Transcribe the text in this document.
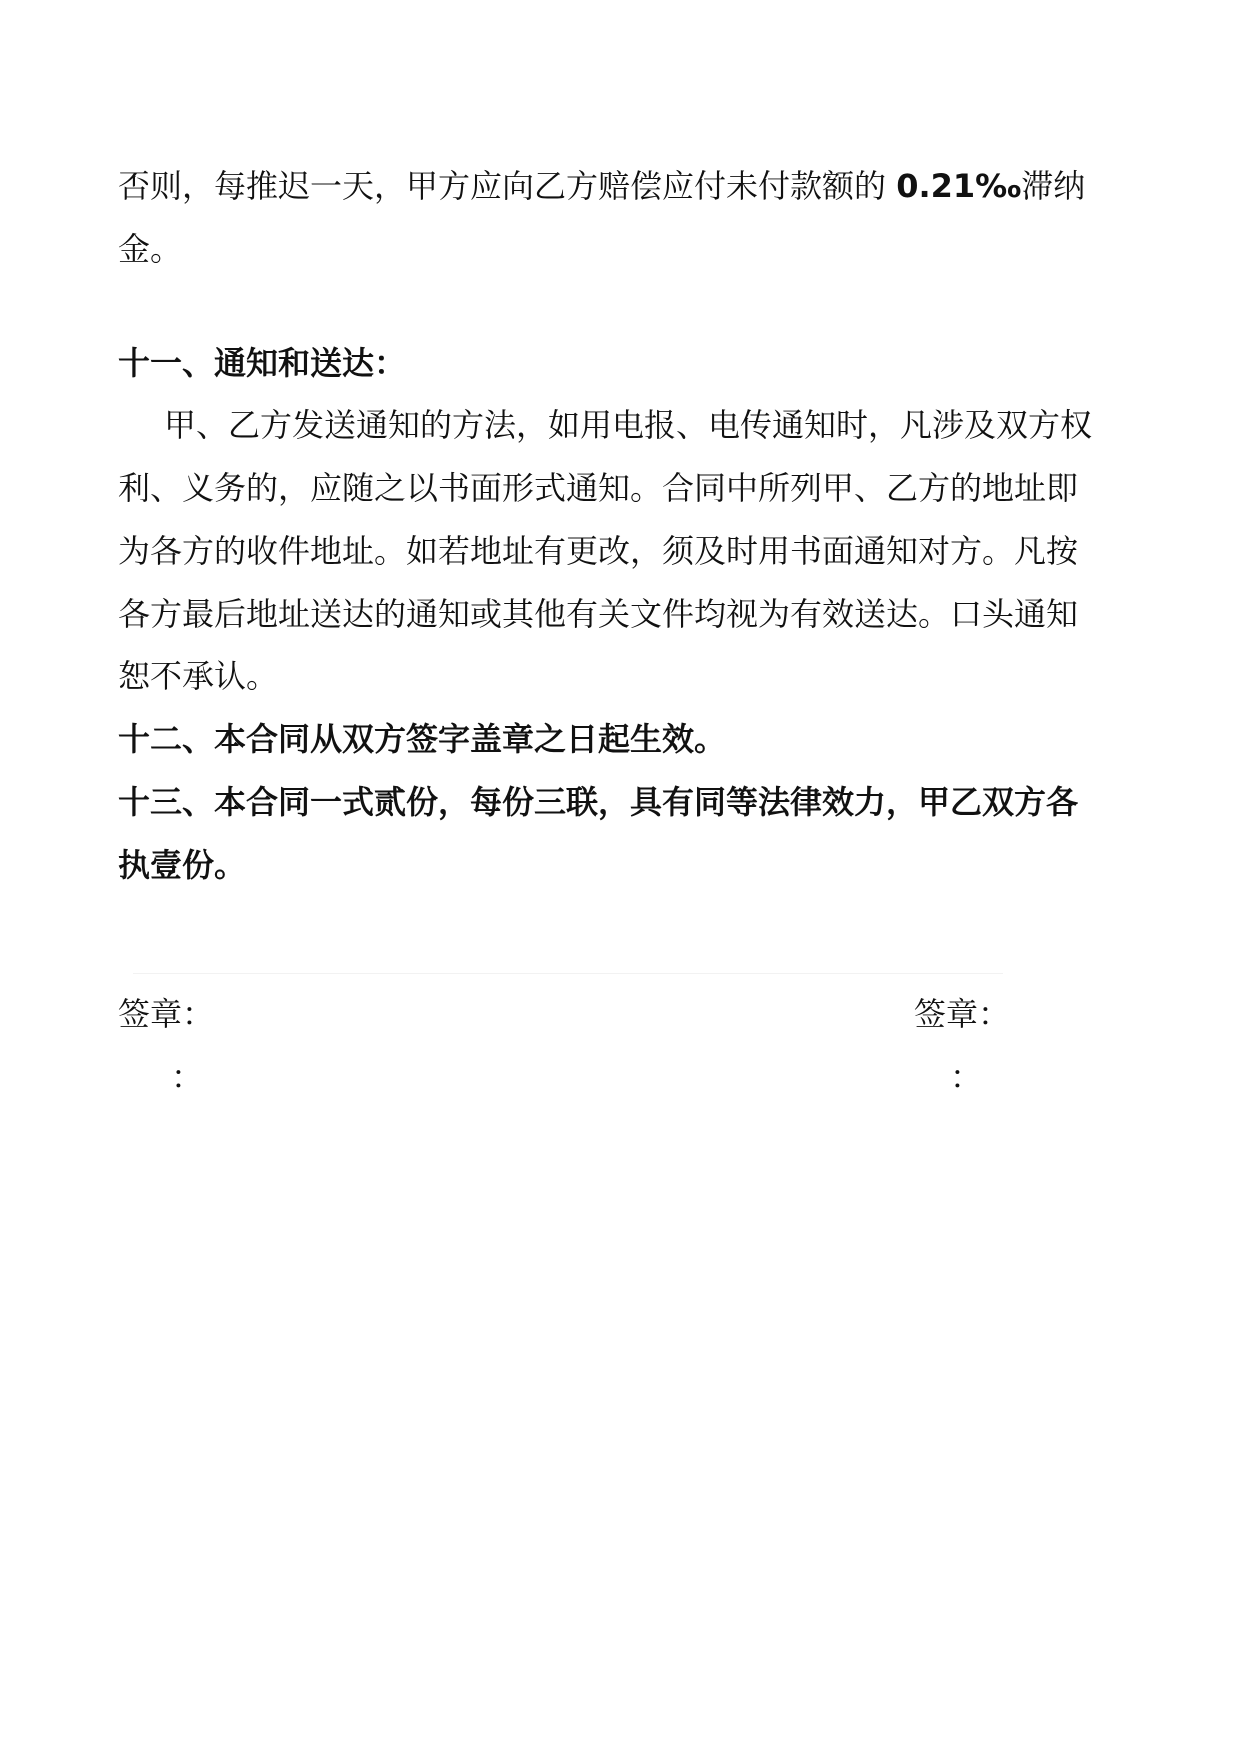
否则，每推迟一天，甲方应向乙方赔偿应付未付款额的 0.21‰滞纳
金。
十一、通知和送达：
甲、乙方发送通知的方法，如用电报、电传通知时，凡涉及双方权
利、义务的，应随之以书面形式通知。合同中所列甲、乙方的地址即
为各方的收件地址。如若地址有更改，须及时用书面通知对方。凡按
各方最后地址送达的通知或其他有关文件均视为有效送达。口头通知
恕不承认。
十二、本合同从双方签字盖章之日起生效。
十三、本合同一式贰份，每份三联，具有同等法律效力，甲乙双方各
执壹份。
签章：
：
签章：
：
